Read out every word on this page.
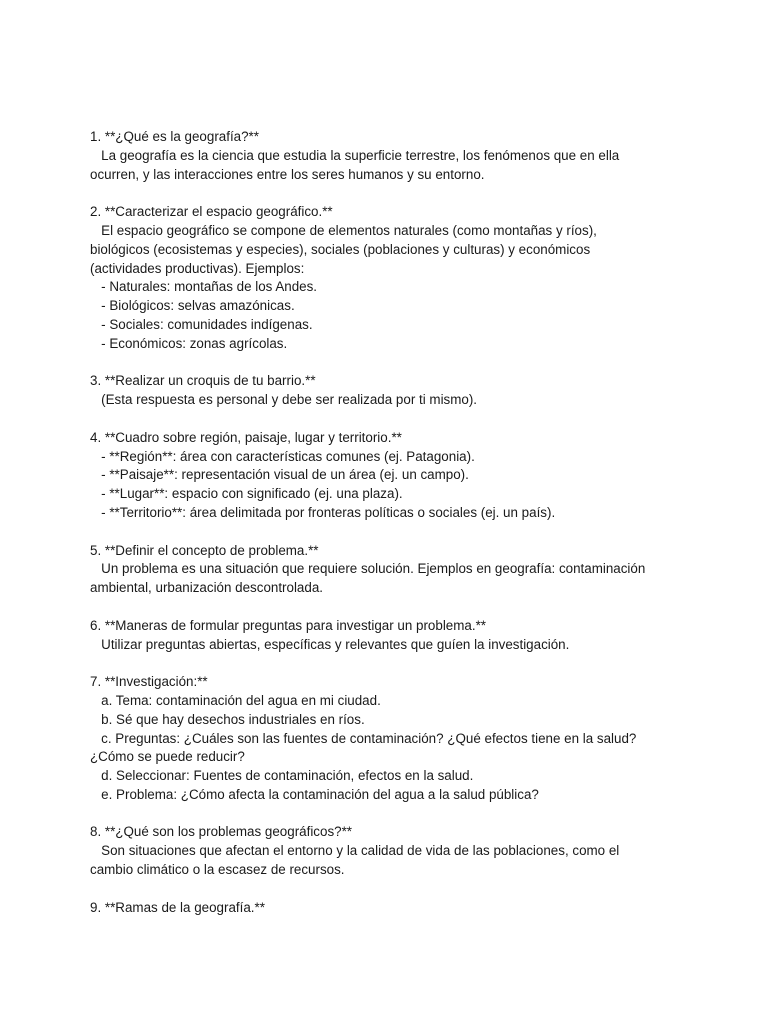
1. **¿Qué es la geografía?**
La geografía es la ciencia que estudia la superficie terrestre, los fenómenos que en ella
ocurren, y las interacciones entre los seres humanos y su entorno.
2. **Caracterizar el espacio geográfico.**
El espacio geográfico se compone de elementos naturales (como montañas y ríos),
biológicos (ecosistemas y especies), sociales (poblaciones y culturas) y económicos
(actividades productivas). Ejemplos:
- Naturales: montañas de los Andes.
- Biológicos: selvas amazónicas.
- Sociales: comunidades indígenas.
- Económicos: zonas agrícolas.
3. **Realizar un croquis de tu barrio.**
(Esta respuesta es personal y debe ser realizada por ti mismo).
4. **Cuadro sobre región, paisaje, lugar y territorio.**
- **Región**: área con características comunes (ej. Patagonia).
- **Paisaje**: representación visual de un área (ej. un campo).
- **Lugar**: espacio con significado (ej. una plaza).
- **Territorio**: área delimitada por fronteras políticas o sociales (ej. un país).
5. **Definir el concepto de problema.**
Un problema es una situación que requiere solución. Ejemplos en geografía: contaminación
ambiental, urbanización descontrolada.
6. **Maneras de formular preguntas para investigar un problema.**
Utilizar preguntas abiertas, específicas y relevantes que guíen la investigación.
7. **Investigación:**
a. Tema: contaminación del agua en mi ciudad.
b. Sé que hay desechos industriales en ríos.
c. Preguntas: ¿Cuáles son las fuentes de contaminación? ¿Qué efectos tiene en la salud?
¿Cómo se puede reducir?
d. Seleccionar: Fuentes de contaminación, efectos en la salud.
e. Problema: ¿Cómo afecta la contaminación del agua a la salud pública?
8. **¿Qué son los problemas geográficos?**
Son situaciones que afectan el entorno y la calidad de vida de las poblaciones, como el
cambio climático o la escasez de recursos.
9. **Ramas de la geografía.**
